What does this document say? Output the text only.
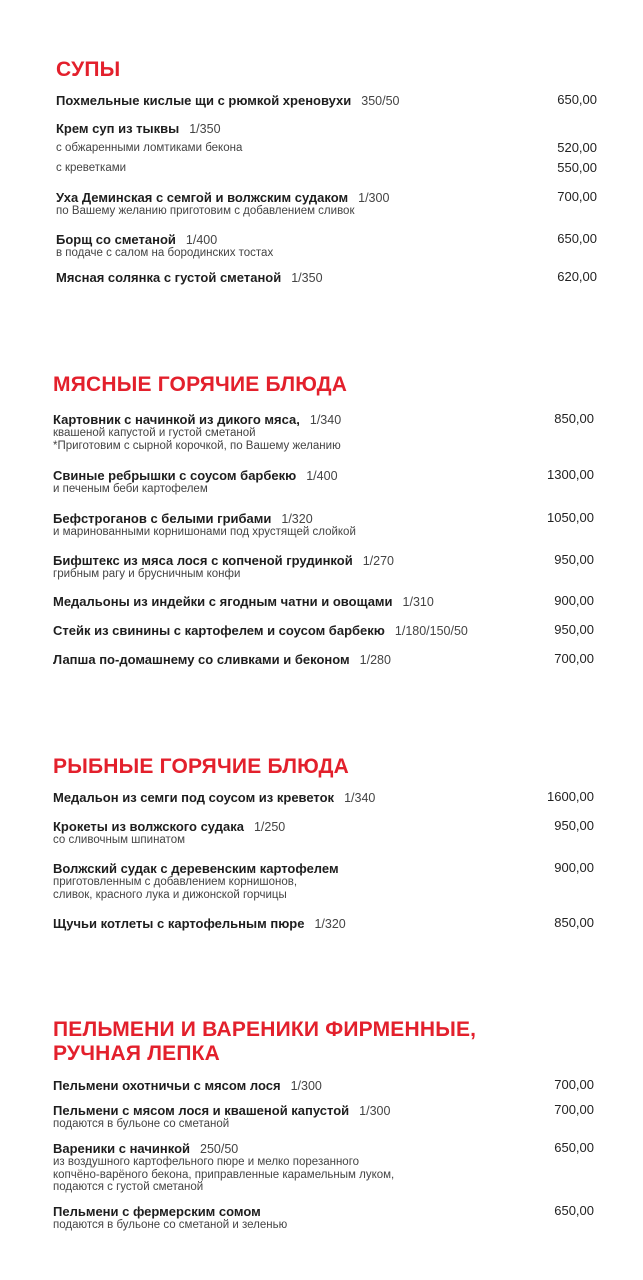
СУПЫ
Похмельные кислые щи с рюмкой хреновухи 350/50	650,00
Крем суп из тыквы 1/350
с обжаренными ломтиками бекона	520,00
с креветками	550,00
Уха Деминская с семгой и волжским судаком 1/300	700,00
по Вашему желанию приготовим с добавлением сливок
Борщ со сметаной 1/400	650,00
в подаче с салом на бородинских тостах
Мясная солянка с густой сметаной 1/350	620,00
МЯСНЫЕ ГОРЯЧИЕ БЛЮДА
Картовник с начинкой из дикого мяса, 1/340	850,00
квашеной капустой и густой сметаной
*Приготовим с сырной корочкой, по Вашему желанию
Свиные ребрышки с соусом барбекю 1/400	1300,00
и печеным беби картофелем
Бефстроганов с белыми грибами 1/320	1050,00
и маринованными корнишонами под хрустящей слойкой
Бифштекс из мяса лося с копченой грудинкой 1/270	950,00
грибным рагу и брусничным конфи
Медальоны из индейки с ягодным чатни и овощами 1/310	900,00
Стейк из свинины с картофелем и соусом барбекю 1/180/150/50	950,00
Лапша по-домашнему со сливками и беконом 1/280	700,00
РЫБНЫЕ ГОРЯЧИЕ БЛЮДА
Медальон из семги под соусом из креветок 1/340	1600,00
Крокеты из волжского судака 1/250	950,00
со сливочным шпинатом
Волжский судак с деревенским картофелем	900,00
приготовленным с добавлением корнишонов,
сливок, красного лука и дижонской горчицы
Щучьи котлеты с картофельным пюре 1/320	850,00
ПЕЛЬМЕНИ И ВАРЕНИКИ ФИРМЕННЫЕ,
РУЧНАЯ ЛЕПКА
Пельмени охотничьи с мясом лося 1/300	700,00
Пельмени с мясом лося и квашеной капустой 1/300	700,00
подаются в бульоне со сметаной
Вареники с начинкой 250/50	650,00
из воздушного картофельного пюре и мелко порезанного
копчёно-варёного бекона, приправленные карамельным луком,
подаются с густой сметаной
Пельмени с фермерским сомом	650,00
подаются в бульоне со сметаной и зеленью
